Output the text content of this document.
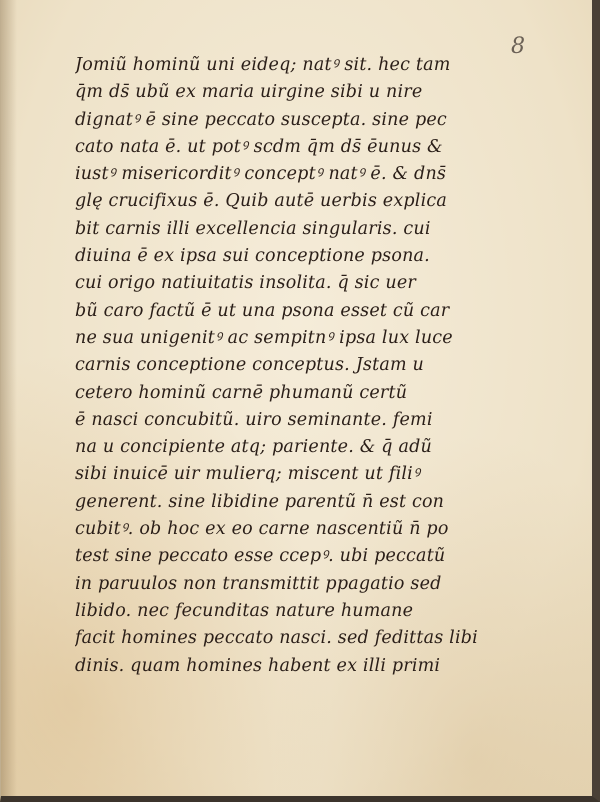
8
Jomiũ hominũ uni eideq; natꝰ sit. hec tam
q̄m ds̄ ubũ ex maria uirgine sibi u nire
dignatꝰ ē sine peccato suscepta. sine pec
cato nata ē. ut potꝰ scdm q̄m ds̄ ēunus &
iustꝰ misericorditꝰ conceptꝰ natꝰ ē. & dns̄
glę crucifixus ē. Quib autē uerbis explica
bit carnis illi excellencia singularis. cui
diuina ē ex ipsa sui conceptione psona.
cui origo natiuitatis insolita. q̄ sic uer
bũ caro factũ ē ut una psona esset cũ car
ne sua unigenitꝰ ac sempitnꝰ ipsa lux luce
carnis conceptione conceptus. Jstam u
cetero hominũ carnē phumanũ certũ
ē nasci concubitũ. uiro seminante. femi
na u concipiente atq; pariente. & q̄ adũ
sibi inuicē uir mulierq; miscent ut filiꝰ
generent. sine libidine parentũ n̄ est con
cubitꝰ. ob hoc ex eo carne nascentiũ n̄ po
test sine peccato esse ccepꝰ. ubi peccatũ
in paruulos non transmittit ppagatio sed
libido. nec fecunditas nature humane
facit homines peccato nasci. sed fedittas libi
dinis. quam homines habent ex illi primi
